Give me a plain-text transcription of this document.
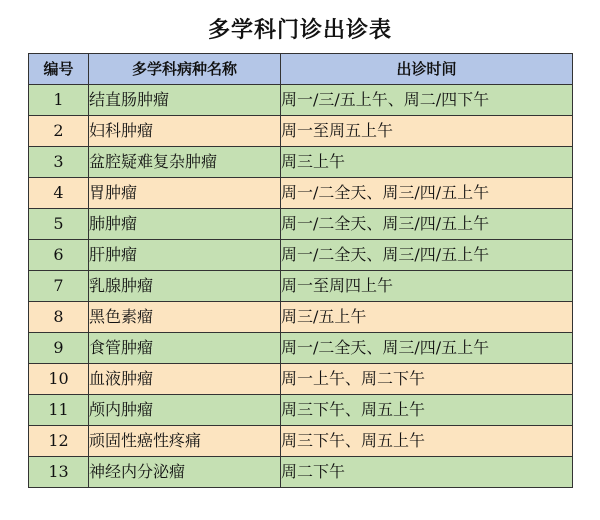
多学科门诊出诊表
编号	多学科病种名称	出诊时间
1	结直肠肿瘤	周一/三/五上午、周二/四下午
2	妇科肿瘤	周一至周五上午
3	盆腔疑难复杂肿瘤	周三上午
4	胃肿瘤	周一/二全天、周三/四/五上午
5	肺肿瘤	周一/二全天、周三/四/五上午
6	肝肿瘤	周一/二全天、周三/四/五上午
7	乳腺肿瘤	周一至周四上午
8	黑色素瘤	周三/五上午
9	食管肿瘤	周一/二全天、周三/四/五上午
10	血液肿瘤	周一上午、周二下午
11	颅内肿瘤	周三下午、周五上午
12	顽固性癌性疼痛	周三下午、周五上午
13	神经内分泌瘤	周二下午
